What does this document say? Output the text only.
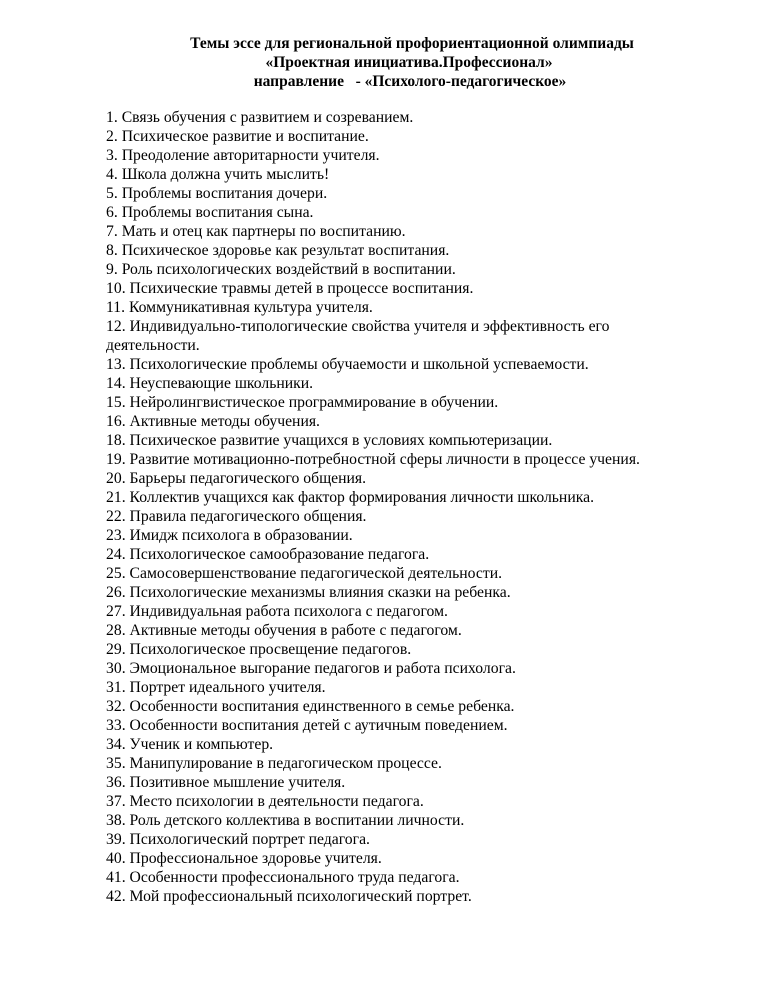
Темы эссе для региональной профориентационной олимпиады
«Проектная инициатива.Профессионал»
направление   - «Психолого-педагогическое»
1. Связь обучения с развитием и созреванием.
2. Психическое развитие и воспитание.
3. Преодоление авторитарности учителя.
4. Школа должна учить мыслить!
5. Проблемы воспитания дочери.
6. Проблемы воспитания сына.
7. Мать и отец как партнеры по воспитанию.
8. Психическое здоровье как результат воспитания.
9. Роль психологических воздействий в воспитании.
10. Психические травмы детей в процессе воспитания.
11. Коммуникативная культура учителя.
12. Индивидуально-типологические свойства учителя и эффективность его деятельности.
13. Психологические проблемы обучаемости и школьной успеваемости.
14. Неуспевающие школьники.
15. Нейролингвистическое программирование в обучении.
16. Активные методы обучения.
18. Психическое развитие учащихся в условиях компьютеризации.
19. Развитие мотивационно-потребностной сферы личности в процессе учения.
20. Барьеры педагогического общения.
21. Коллектив учащихся как фактор формирования личности школьника.
22. Правила педагогического общения.
23. Имидж психолога в образовании.
24. Психологическое самообразование педагога.
25. Самосовершенствование педагогической деятельности.
26. Психологические механизмы влияния сказки на ребенка.
27. Индивидуальная работа психолога с педагогом.
28. Активные методы обучения в работе с педагогом.
29. Психологическое просвещение педагогов.
30. Эмоциональное выгорание педагогов и работа психолога.
31. Портрет идеального учителя.
32. Особенности воспитания единственного в семье ребенка.
33. Особенности воспитания детей с аутичным поведением.
34. Ученик и компьютер.
35. Манипулирование в педагогическом процессе.
36. Позитивное мышление учителя.
37. Место психологии в деятельности педагога.
38. Роль детского коллектива в воспитании личности.
39. Психологический портрет педагога.
40. Профессиональное здоровье учителя.
41. Особенности профессионального труда педагога.
42. Мой профессиональный психологический портрет.
